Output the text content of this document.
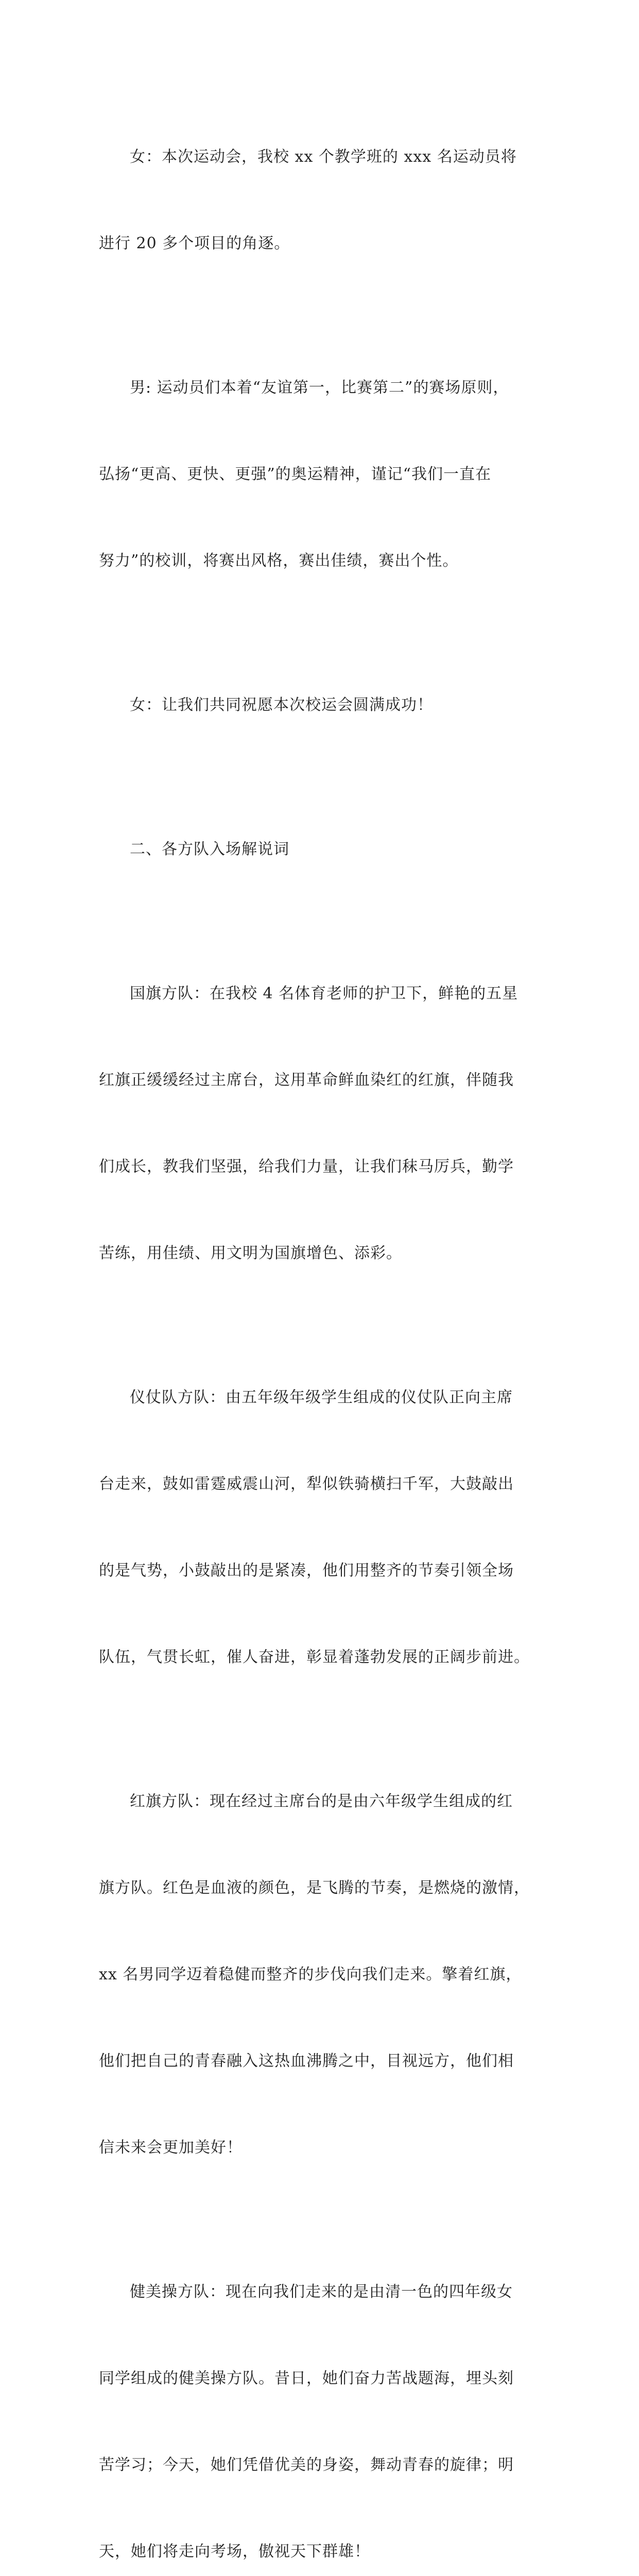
女：本次运动会，我校 xx 个教学班的 xxx 名运动员将

进行 20 多个项目的角逐。

男: 运动员们本着“友谊第一，比赛第二”的赛场原则，

弘扬“更高、更快、更强”的奥运精神，谨记“我们一直在

努力”的校训，将赛出风格，赛出佳绩，赛出个性。

女：让我们共同祝愿本次校运会圆满成功！

二、各方队入场解说词

国旗方队：在我校 4 名体育老师的护卫下，鲜艳的五星

红旗正缓缓经过主席台，这用革命鲜血染红的红旗，伴随我

们成长，教我们坚强，给我们力量，让我们秣马厉兵，勤学

苦练，用佳绩、用文明为国旗增色、添彩。

仪仗队方队：由五年级年级学生组成的仪仗队正向主席

台走来，鼓如雷霆威震山河，犁似铁骑横扫千军，大鼓敲出

的是气势，小鼓敲出的是紧凑，他们用整齐的节奏引领全场

队伍，气贯长虹，催人奋进，彰显着蓬勃发展的正阔步前进。

红旗方队：现在经过主席台的是由六年级学生组成的红

旗方队。红色是血液的颜色，是飞腾的节奏，是燃烧的激情，

xx 名男同学迈着稳健而整齐的步伐向我们走来。擎着红旗，

他们把自己的青春融入这热血沸腾之中，目视远方，他们相

信未来会更加美好！

健美操方队：现在向我们走来的是由清一色的四年级女

同学组成的健美操方队。昔日，她们奋力苦战题海，埋头刻

苦学习；今天，她们凭借优美的身姿，舞动青春的旋律；明

天，她们将走向考场，傲视天下群雄！
